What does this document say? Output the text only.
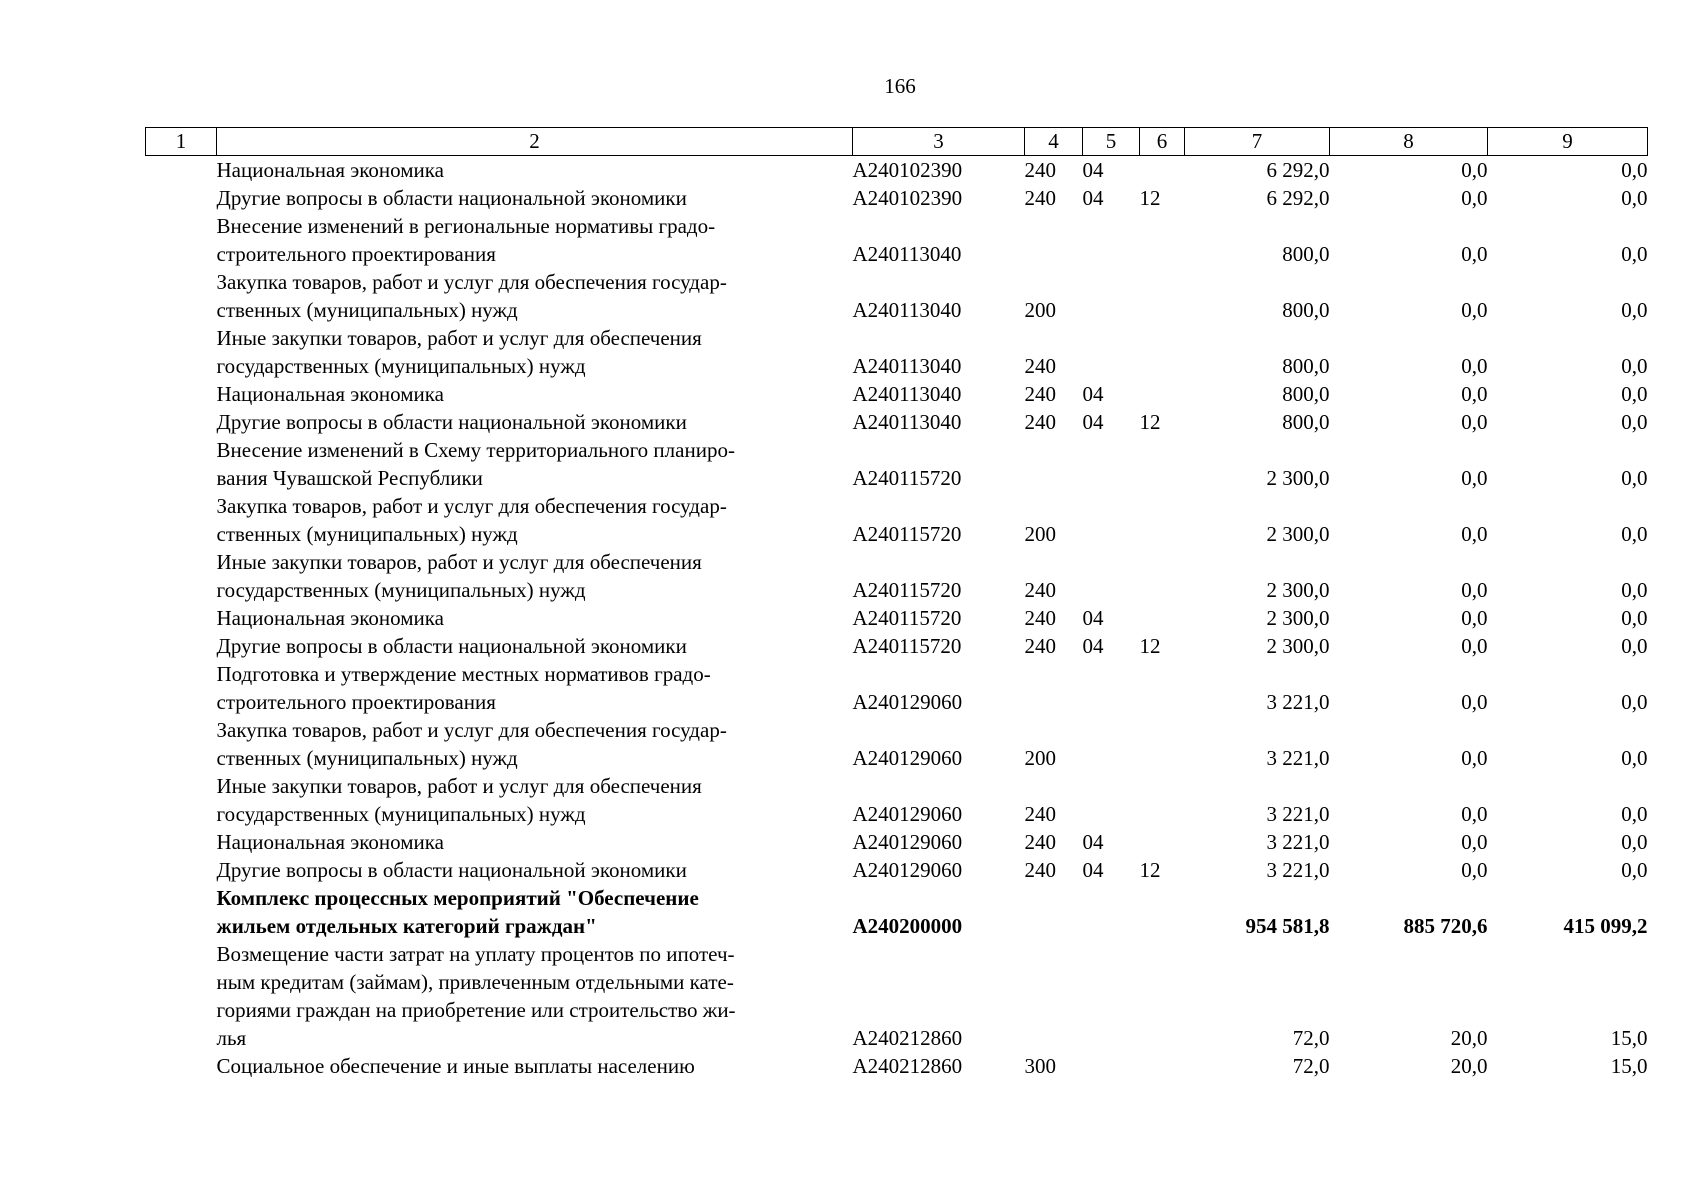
166
1	2	3	4	5	6	7	8	9

	Национальная экономика	А240102390	240	04		6 292,0	0,0	0,0

	Другие вопросы в области национальной экономики	А240102390	240	04	12	6 292,0	0,0	0,0

	Внесение изменений в региональные нормативы градо-
строительного проектирования	А240113040				800,0	0,0	0,0

	Закупка товаров, работ и услуг для обеспечения государ-
ственных (муниципальных) нужд	А240113040	200			800,0	0,0	0,0

	Иные закупки товаров, работ и услуг для обеспечения
государственных (муниципальных) нужд	А240113040	240			800,0	0,0	0,0

	Национальная экономика	А240113040	240	04		800,0	0,0	0,0

	Другие вопросы в области национальной экономики	А240113040	240	04	12	800,0	0,0	0,0

	Внесение изменений в Схему территориального планиро-
вания Чувашской Республики	А240115720				2 300,0	0,0	0,0

	Закупка товаров, работ и услуг для обеспечения государ-
ственных (муниципальных) нужд	А240115720	200			2 300,0	0,0	0,0

	Иные закупки товаров, работ и услуг для обеспечения
государственных (муниципальных) нужд	А240115720	240			2 300,0	0,0	0,0

	Национальная экономика	А240115720	240	04		2 300,0	0,0	0,0

	Другие вопросы в области национальной экономики	А240115720	240	04	12	2 300,0	0,0	0,0

	Подготовка и утверждение местных нормативов градо-
строительного проектирования	А240129060				3 221,0	0,0	0,0

	Закупка товаров, работ и услуг для обеспечения государ-
ственных (муниципальных) нужд	А240129060	200			3 221,0	0,0	0,0

	Иные закупки товаров, работ и услуг для обеспечения
государственных (муниципальных) нужд	А240129060	240			3 221,0	0,0	0,0

	Национальная экономика	А240129060	240	04		3 221,0	0,0	0,0

	Другие вопросы в области национальной экономики	А240129060	240	04	12	3 221,0	0,0	0,0

	Комплекс процессных мероприятий "Обеспечение
жильем отдельных категорий граждан"	А240200000				954 581,8	885 720,6	415 099,2

	Возмещение части затрат на уплату процентов по ипотеч-
ным кредитам (займам), привлеченным отдельными кате-
гориями граждан на приобретение или строительство жи-
лья	А240212860				72,0	20,0	15,0

	Социальное обеспечение и иные выплаты населению	А240212860	300			72,0	20,0	15,0
